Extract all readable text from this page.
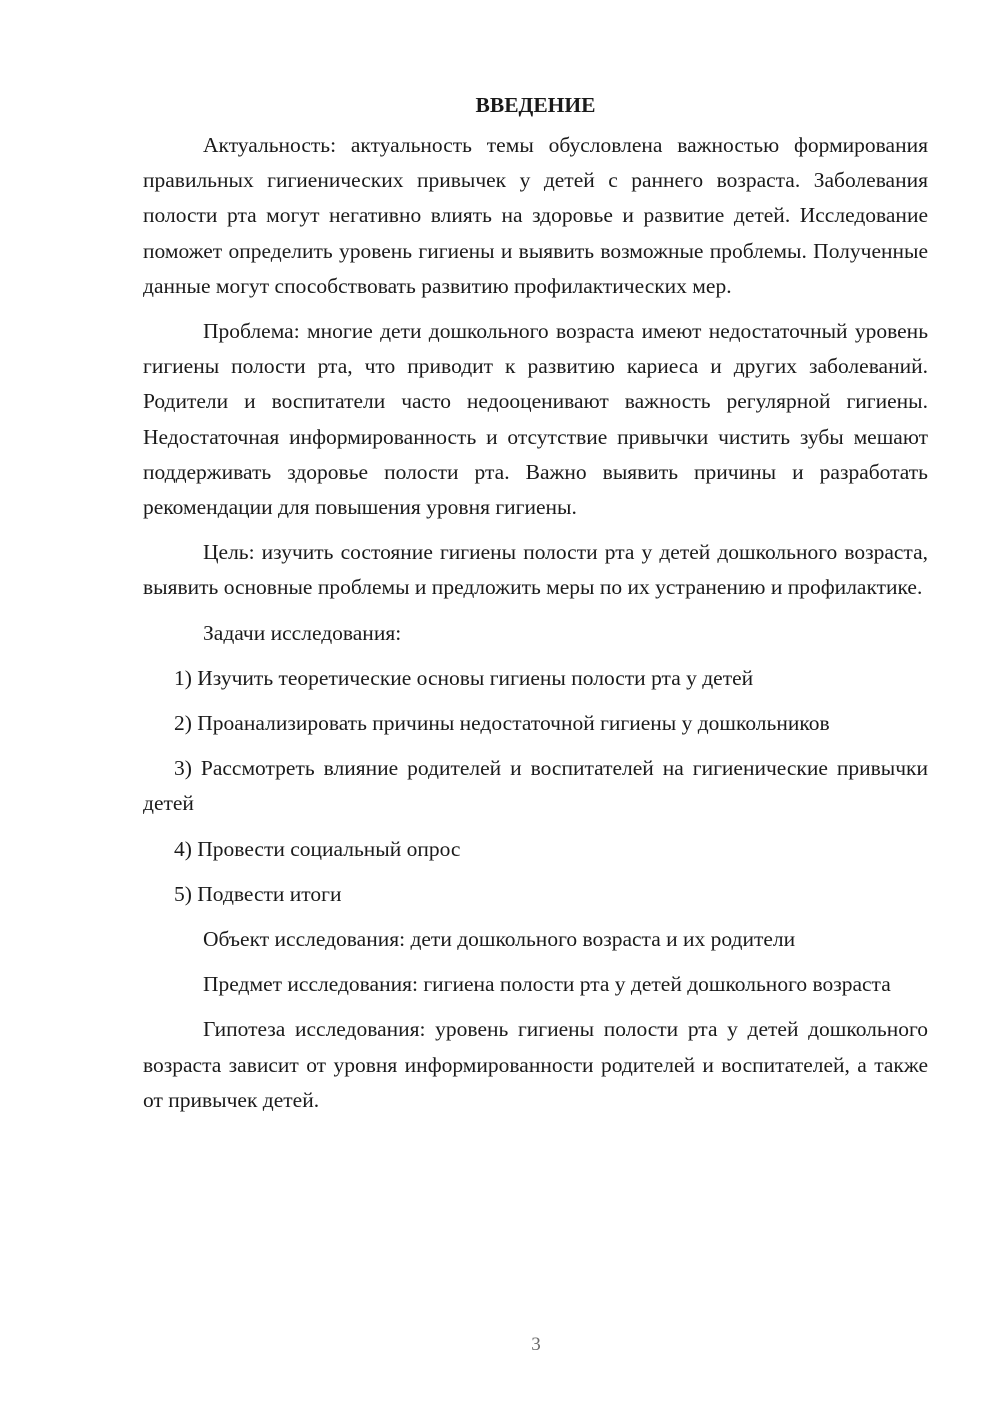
ВВЕДЕНИЕ

Актуальность: актуальность темы обусловлена важностью формирования правильных гигиенических привычек у детей с раннего возраста. Заболевания полости рта могут негативно влиять на здоровье и развитие детей. Исследование поможет определить уровень гигиены и выявить возможные проблемы. Полученные данные могут способствовать развитию профилактических мер.

Проблема: многие дети дошкольного возраста имеют недостаточный уровень гигиены полости рта, что приводит к развитию кариеса и других заболеваний. Родители и воспитатели часто недооценивают важность регулярной гигиены. Недостаточная информированность и отсутствие привычки чистить зубы мешают поддерживать здоровье полости рта. Важно выявить причины и разработать рекомендации для повышения уровня гигиены.

Цель: изучить состояние гигиены полости рта у детей дошкольного возраста, выявить основные проблемы и предложить меры по их устранению и профилактике.

Задачи исследования:

1) Изучить теоретические основы гигиены полости рта у детей

2) Проанализировать причины недостаточной гигиены у дошкольников

3) Рассмотреть влияние родителей и воспитателей на гигиенические привычки детей

4) Провести социальный опрос

5) Подвести итоги

Объект исследования: дети дошкольного возраста и их родители

Предмет исследования: гигиена полости рта у детей дошкольного возраста

Гипотеза исследования: уровень гигиены полости рта у детей дошкольного возраста зависит от уровня информированности родителей и воспитателей, а также от привычек детей.

3
